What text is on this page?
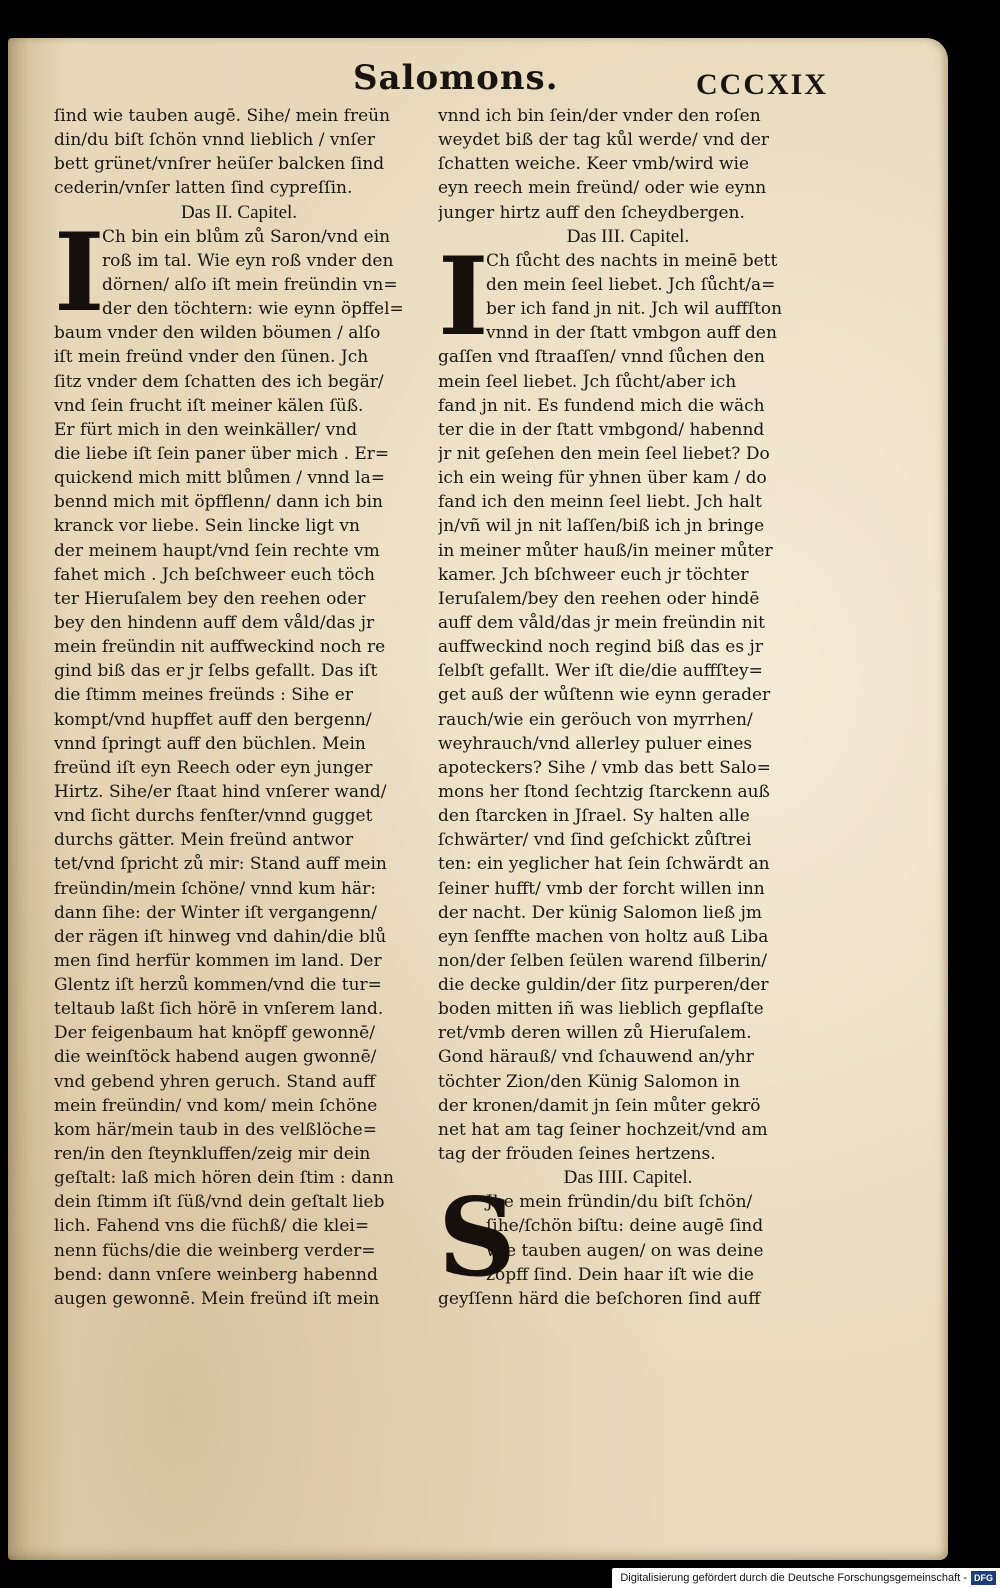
Salomons.	CCCXIX
ſind wie tauben augē. Sihe/ mein freün
din/du biſt ſchön vnnd lieblich / vnſer
bett grünet/vnſrer heüſer balcken ſind
cederin/vnſer latten ſind cypreſſin.
Das II. Capitel.
I
Ch bin ein blům zů Saron/vnd ein
roß im tal. Wie eyn roß vnder den
dörnen/ alſo iſt mein freündin vn=
der den töchtern: wie eynn öpffel=
baum vnder den wilden böumen / alſo
iſt mein freünd vnder den ſünen. Jch
ſitz vnder dem ſchatten des ich begär/
vnd ſein frucht iſt meiner kälen ſüß.
Er fürt mich in den weinkäller/ vnd
die liebe iſt ſein paner über mich . Er=
quickend mich mitt blůmen / vnnd la=
bennd mich mit öpfflenn/ dann ich bin
kranck vor liebe. Sein lincke ligt vn
der meinem haupt/vnd ſein rechte vm
fahet mich . Jch beſchweer euch töch
ter Hieruſalem bey den reehen oder
bey den hindenn auff dem våld/das jr
mein freündin nit auffweckind noch re
gind biß das er jr ſelbs gefallt. Das iſt
die ſtimm meines freünds : Sihe er
kompt/vnd hupffet auff den bergenn/
vnnd ſpringt auff den büchlen. Mein
freünd iſt eyn Reech oder eyn junger
Hirtz. Sihe/er ſtaat hind vnſerer wand/
vnd ſicht durchs fenſter/vnnd gugget
durchs gätter. Mein freünd antwor
tet/vnd ſpricht zů mir: Stand auff mein
freündin/mein ſchöne/ vnnd kum här:
dann ſihe: der Winter iſt vergangenn/
der rägen iſt hinweg vnd dahin/die blů
men ſind herfür kommen im land. Der
Glentz iſt herzů kommen/vnd die tur=
teltaub laßt ſich hörē in vnſerem land.
Der feigenbaum hat knöpff gewonnē/
die weinſtöck habend augen gwonnē/
vnd gebend yhren geruch. Stand auff
mein freündin/ vnd kom/ mein ſchöne
kom här/mein taub in des velßlöche=
ren/in den ſteynkluffen/zeig mir dein
geſtalt: laß mich hören dein ſtim : dann
dein ſtimm iſt ſüß/vnd dein geſtalt lieb
lich. Fahend vns die füchß/ die klei=
nenn füchs/die die weinberg verder=
bend: dann vnſere weinberg habennd
augen gewonnē. Mein freünd iſt mein
vnnd ich bin ſein/der vnder den roſen
weydet biß der tag kůl werde/ vnd der
ſchatten weiche. Keer vmb/wird wie
eyn reech mein freünd/ oder wie eynn
junger hirtz auff den ſcheydbergen.
Das III. Capitel.
I
Ch ſůcht des nachts in meinē bett
den mein ſeel liebet. Jch ſůcht/a=
ber ich fand jn nit. Jch wil auffſton
vnnd in der ſtatt vmbgon auff den
gaſſen vnd ſtraaſſen/ vnnd ſůchen den
mein ſeel liebet. Jch ſůcht/aber ich
fand jn nit. Es fundend mich die wäch
ter die in der ſtatt vmbgond/ habennd
jr nit geſehen den mein ſeel liebet? Do
ich ein weing für yhnen über kam / do
fand ich den meinn ſeel liebt. Jch halt
jn/vñ wil jn nit laſſen/biß ich jn bringe
in meiner můter hauß/in meiner můter
kamer. Jch bſchweer euch jr töchter
Ieruſalem/bey den reehen oder hindē
auff dem våld/das jr mein freündin nit
auffweckind noch regind biß das es jr
ſelbſt gefallt. Wer iſt die/die auffſtey=
get auß der wůſtenn wie eynn gerader
rauch/wie ein geröuch von myrrhen/
weyhrauch/vnd allerley puluer eines
apoteckers? Sihe / vmb das bett Salo=
mons her ſtond ſechtzig ſtarckenn auß
den ſtarcken in Jſrael. Sy halten alle
ſchwärter/ vnd ſind geſchickt zůſtrei
ten: ein yeglicher hat ſein ſchwärdt an
ſeiner hufft/ vmb der forcht willen inn
der nacht. Der künig Salomon ließ jm
eyn ſenffte machen von holtz auß Liba
non/der ſelben ſeülen warend ſilberin/
die decke guldin/der ſitz purperen/der
boden mitten iñ was lieblich gepflaſte
ret/vmb deren willen zů Hieruſalem.
Gond härauß/ vnd ſchauwend an/yhr
töchter Zion/den Künig Salomon in
der kronen/damit jn ſein můter gekrö
net hat am tag ſeiner hochzeit/vnd am
tag der fröuden ſeines hertzens.
Das IIII. Capitel.
S
Jhe mein fründin/du biſt ſchön/
ſihe/ſchön biſtu: deine augē ſind
wie tauben augen/ on was deine
zöpff ſind. Dein haar iſt wie die
geyſſenn härd die beſchoren ſind auff
Digitalisierung gefördert durch die Deutsche Forschungsgemeinschaft - DFG
